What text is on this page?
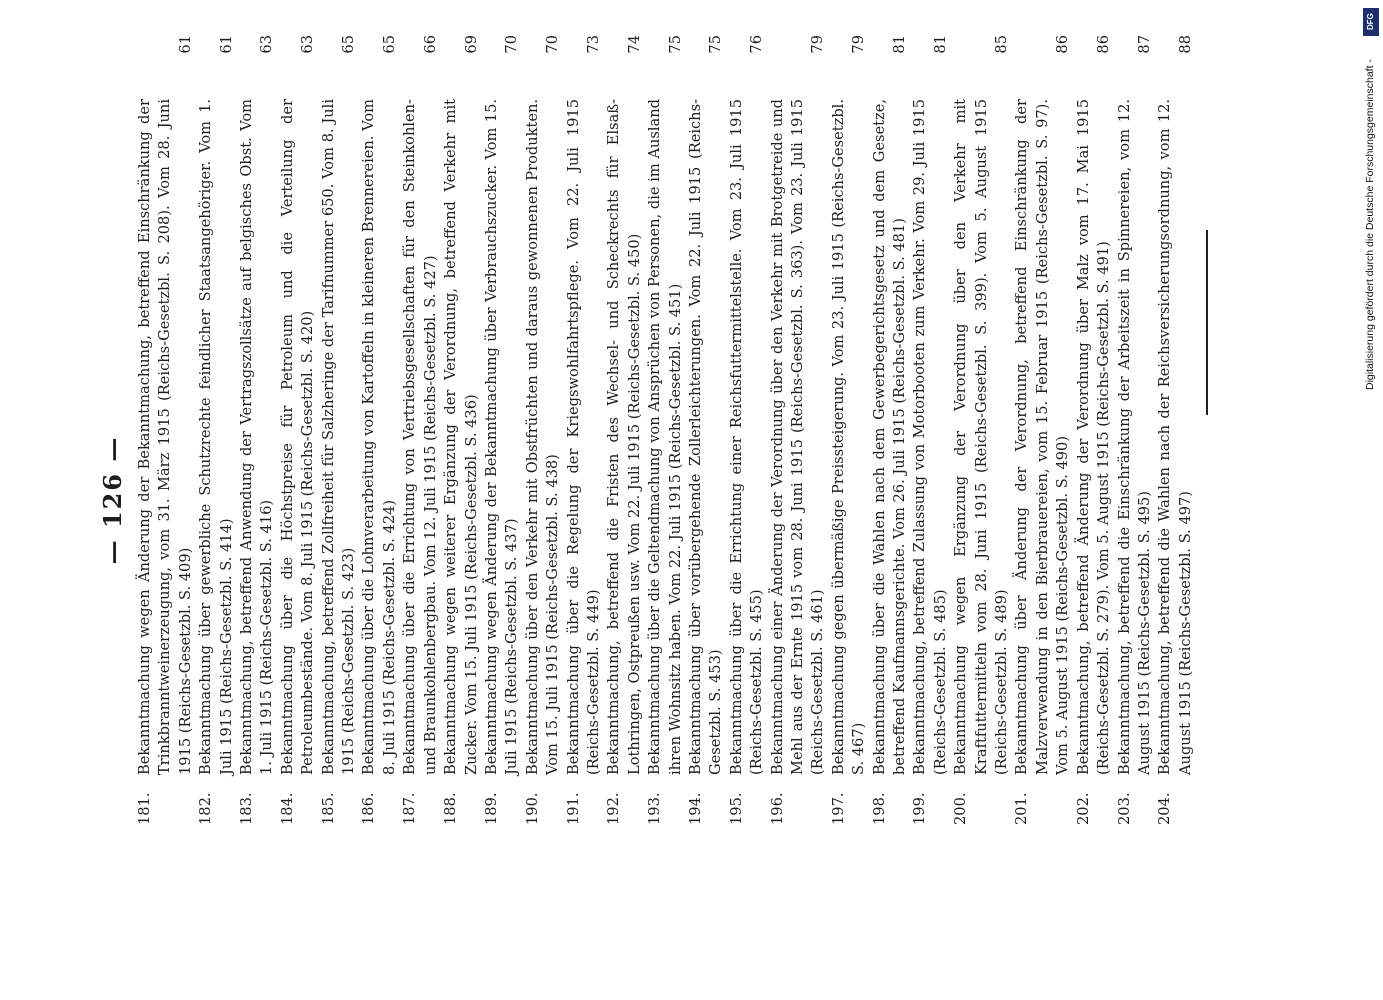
— 126 —
181.
Bekanntmachung wegen Änderung der Bekanntmachung, betreffend Einschränkung der Trinkbranntweinerzeugung, vom 31. März 1915 (Reichs-Gesetzbl. S. 208). Vom 28. Juni 1915 (Reichs-Gesetzbl. S. 409)
61
182.
Bekanntmachung über gewerbliche Schutzrechte feindlicher Staatsangehöriger. Vom 1. Juli 1915 (Reichs-Gesetzbl. S. 414)
61
183.
Bekanntmachung, betreffend Anwendung der Vertragszollsätze auf belgisches Obst. Vom 1. Juli 1915 (Reichs-Gesetzbl. S. 416)
63
184.
Bekanntmachung über die Höchstpreise für Petroleum und die Verteilung der Petroleumbestände. Vom 8. Juli 1915 (Reichs-Gesetzbl. S. 420)
63
185.
Bekanntmachung, betreffend Zollfreiheit für Salzheringe der Tarifnummer 650. Vom 8. Juli 1915 (Reichs-Gesetzbl. S. 423)
65
186.
Bekanntmachung über die Lohnverarbeitung von Kartoffeln in kleineren Brennereien. Vom 8. Juli 1915 (Reichs-Gesetzbl. S. 424)
65
187.
Bekanntmachung über die Errichtung von Vertriebsgesellschaften für den Steinkohlen- und Braunkohlenbergbau. Vom 12. Juli 1915 (Reichs-Gesetzbl. S. 427)
66
188.
Bekanntmachung wegen weiterer Ergänzung der Verordnung, betreffend Verkehr mit Zucker. Vom 15. Juli 1915 (Reichs-Gesetzbl. S. 436)
69
189.
Bekanntmachung wegen Änderung der Bekanntmachung über Verbrauchszucker. Vom 15. Juli 1915 (Reichs-Gesetzbl. S. 437)
70
190.
Bekanntmachung über den Verkehr mit Obstfrüchten und daraus gewonnenen Produkten. Vom 15. Juli 1915 (Reichs-Gesetzbl. S. 438)
70
191.
Bekanntmachung über die Regelung der Kriegswohlfahrtspflege. Vom 22. Juli 1915 (Reichs-Gesetzbl. S. 449)
73
192.
Bekanntmachung, betreffend die Fristen des Wechsel- und Scheckrechts für Elsaß-Lothringen, Ostpreußen usw. Vom 22. Juli 1915 (Reichs-Gesetzbl. S. 450)
74
193.
Bekanntmachung über die Geltendmachung von Ansprüchen von Personen, die im Ausland ihren Wohnsitz haben. Vom 22. Juli 1915 (Reichs-Gesetzbl. S. 451)
75
194.
Bekanntmachung über vorübergehende Zollerleichterungen. Vom 22. Juli 1915 (Reichs-Gesetzbl. S. 453)
75
195.
Bekanntmachung über die Errichtung einer Reichsfuttermittelstelle. Vom 23. Juli 1915 (Reichs-Gesetzbl. S. 455)
76
196.
Bekanntmachung einer Änderung der Verordnung über den Verkehr mit Brotgetreide und Mehl aus der Ernte 1915 vom 28. Juni 1915 (Reichs-Gesetzbl. S. 363). Vom 23. Juli 1915 (Reichs-Gesetzbl. S. 461)
79
197.
Bekanntmachung gegen übermäßige Preissteigerung. Vom 23. Juli 1915 (Reichs-Gesetzbl. S. 467)
79
198.
Bekanntmachung über die Wahlen nach dem Gewerbegerichtsgesetz und dem Gesetze, betreffend Kaufmannsgerichte. Vom 26. Juli 1915 (Reichs-Gesetzbl. S. 481)
81
199.
Bekanntmachung, betreffend Zulassung von Motorbooten zum Verkehr. Vom 29. Juli 1915 (Reichs-Gesetzbl. S. 485)
81
200.
Bekanntmachung wegen Ergänzung der Verordnung über den Verkehr mit Kraftfuttermitteln vom 28. Juni 1915 (Reichs-Gesetzbl. S. 399). Vom 5. August 1915 (Reichs-Gesetzbl. S. 489)
85
201.
Bekanntmachung über Änderung der Verordnung, betreffend Einschränkung der Malzverwendung in den Bierbrauereien, vom 15. Februar 1915 (Reichs-Gesetzbl. S. 97). Vom 5. August 1915 (Reichs-Gesetzbl. S. 490)
86
202.
Bekanntmachung, betreffend Änderung der Verordnung über Malz vom 17. Mai 1915 (Reichs-Gesetzbl. S. 279). Vom 5. August 1915 (Reichs-Gesetzbl. S. 491)
86
203.
Bekanntmachung, betreffend die Einschränkung der Arbeitszeit in Spinnereien, vom 12. August 1915 (Reichs-Gesetzbl. S. 495)
87
204.
Bekanntmachung, betreffend die Wahlen nach der Reichsversicherungsordnung, vom 12. August 1915 (Reichs-Gesetzbl. S. 497)
88
DFG
Digitalisierung gefördert durch die Deutsche Forschungsgemeinschaft -
